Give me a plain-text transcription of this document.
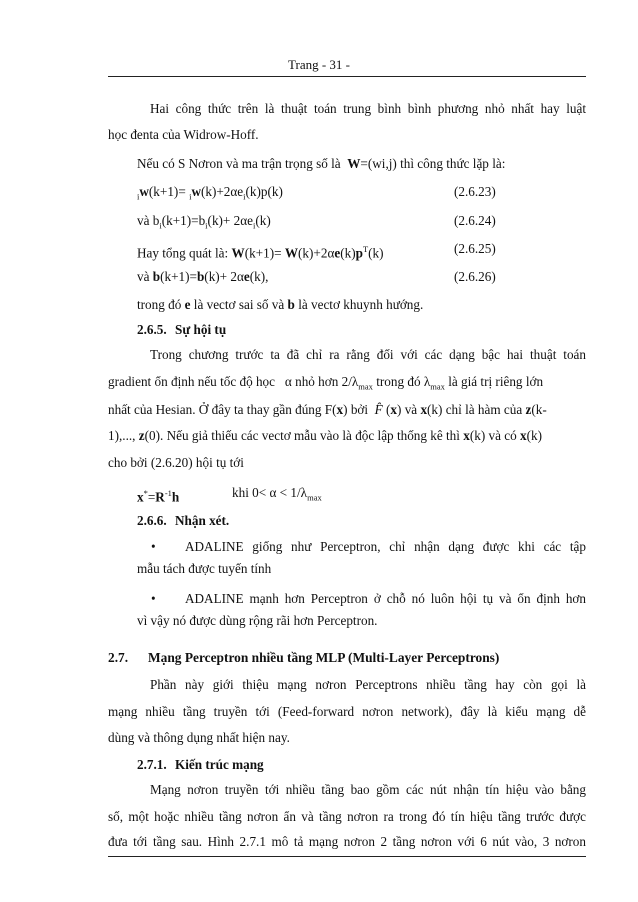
Trang - 31 -
Hai công thức trên là thuật toán trung bình bình phương nhỏ nhất hay luật
học đenta của Widrow-Hoff.
Nếu có S Nơron và ma trận trọng số là  W=(wi,j) thì công thức lặp là:
$_iw(k+1)= _iw(k)+2\alpha e_i(k)p(k)$	(2.6.23)
và $b_i(k+1)=b_i(k)+ 2\alpha e_i(k)$	(2.6.24)
Hay tổng quát là: $W(k+1)= W(k)+2\alpha e(k)p^T(k)$	(2.6.25)
và b(k+1)=b(k)+ 2αe(k),	(2.6.26)
trong đó e là vectơ sai số và b là vectơ khuynh hướng.
2.6.5. Sự hội tụ
Trong chương trước ta đã chỉ ra rằng đối với các dạng bậc hai thuật toán
gradient ổn định nếu tốc độ học   α nhỏ hơn $2/\lambda_{max}$ trong đó $\lambda_{max}$ là giá trị riêng lớn
nhất của Hesian. Ở đây ta thay gần đúng F(x) bởi  F̂ (x) và x(k) chỉ là hàm của z(k-
1),..., z(0). Nếu giả thiếu các vectơ mẫu vào là độc lập thống kê thì x(k) và có x(k)
cho bởi (2.6.20) hội tụ tới
$x^*=R^{-1}h$	khi $0< \alpha < 1/\lambda_{max}$
2.6.6. Nhận xét.
• ADALINE giống như Perceptron, chỉ nhận dạng được khi các tập
mẫu tách được tuyến tính
• ADALINE mạnh hơn Perceptron ở chỗ nó luôn hội tụ và ổn định hơn
vì vậy nó được dùng rộng rãi hơn Perceptron.
2.7. Mạng Perceptron nhiều tầng MLP (Multi-Layer Perceptrons)
Phần này giới thiệu mạng nơron Perceptrons nhiều tầng hay còn gọi là
mạng nhiều tầng truyền tới (Feed-forward nơron network), đây là kiểu mạng dễ
dùng và thông dụng nhất hiện nay.
2.7.1. Kiến trúc mạng
Mạng nơron truyền tới nhiều tầng bao gồm các nút nhận tín hiệu vào bằng
số, một hoặc nhiều tầng nơron ẩn và tầng nơron ra trong đó tín hiệu tầng trước được
đưa tới tầng sau. Hình 2.7.1 mô tả mạng nơron 2 tầng nơron với 6 nút vào, 3 nơron
